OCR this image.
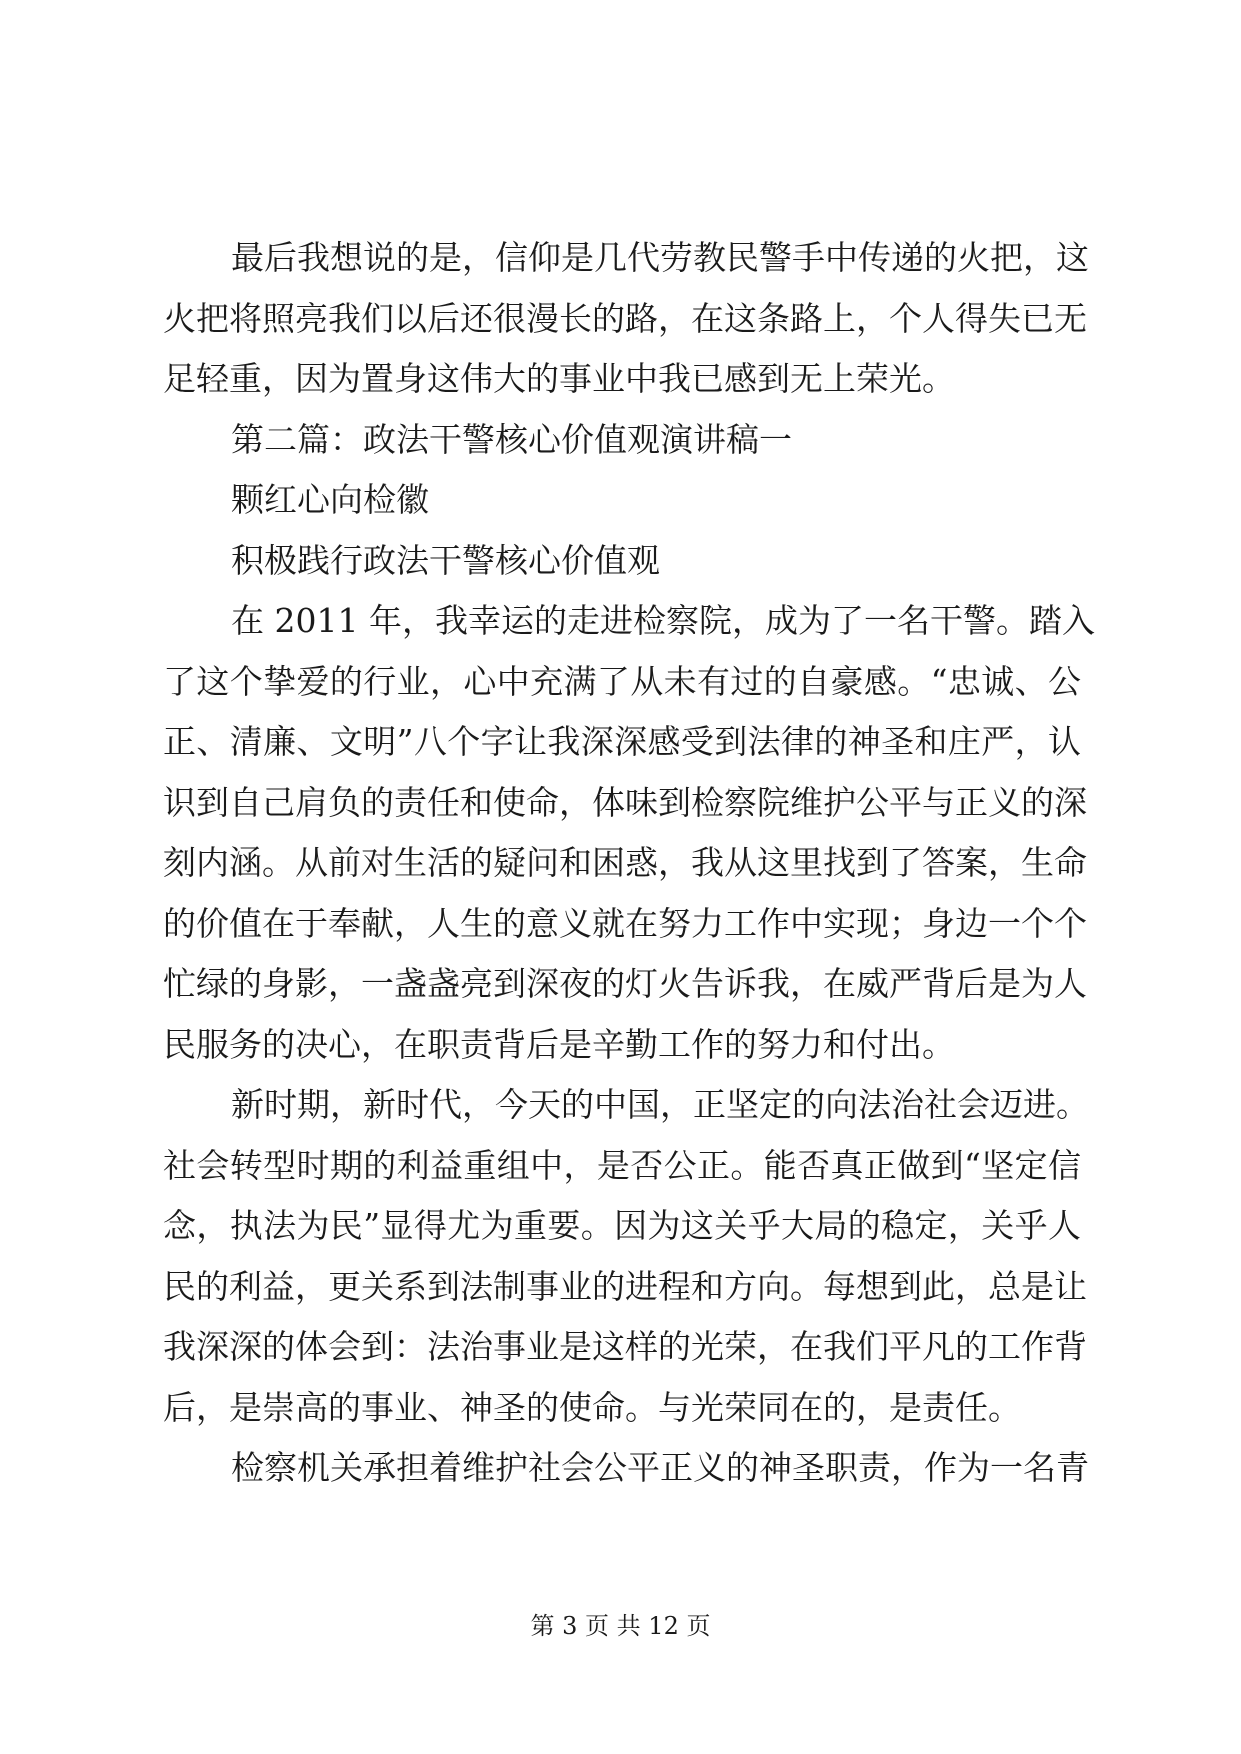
最后我想说的是，信仰是几代劳教民警手中传递的火把，这
火把将照亮我们以后还很漫长的路，在这条路上，个人得失已无
足轻重，因为置身这伟大的事业中我已感到无上荣光。
第二篇：政法干警核心价值观演讲稿一
颗红心向检徽
积极践行政法干警核心价值观
在 2011 年，我幸运的走进检察院，成为了一名干警。踏入
了这个挚爱的行业，心中充满了从未有过的自豪感。“忠诚、公
正、清廉、文明”八个字让我深深感受到法律的神圣和庄严，认
识到自己肩负的责任和使命，体味到检察院维护公平与正义的深
刻内涵。从前对生活的疑问和困惑，我从这里找到了答案，生命
的价值在于奉献，人生的意义就在努力工作中实现；身边一个个
忙绿的身影，一盏盏亮到深夜的灯火告诉我，在威严背后是为人
民服务的决心，在职责背后是辛勤工作的努力和付出。
新时期，新时代，今天的中国，正坚定的向法治社会迈进。
社会转型时期的利益重组中，是否公正。能否真正做到“坚定信
念，执法为民”显得尤为重要。因为这关乎大局的稳定，关乎人
民的利益，更关系到法制事业的进程和方向。每想到此，总是让
我深深的体会到：法治事业是这样的光荣，在我们平凡的工作背
后，是崇高的事业、神圣的使命。与光荣同在的，是责任。
检察机关承担着维护社会公平正义的神圣职责，作为一名青
第 3 页 共 12 页
